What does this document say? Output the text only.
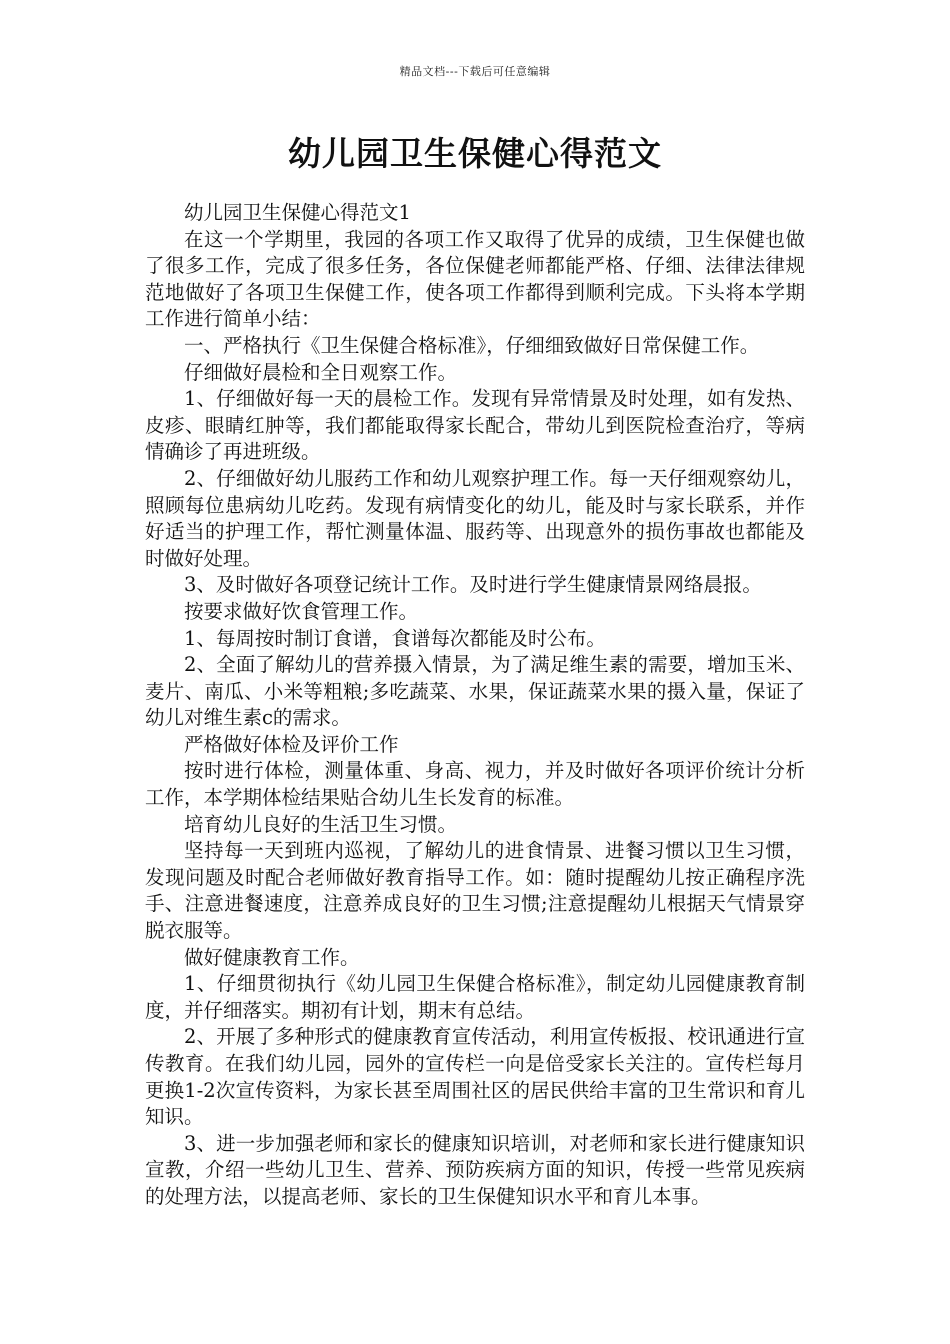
精品文档---下载后可任意编辑
幼儿园卫生保健心得范文

幼儿园卫生保健心得范文1

在这一个学期里，我园的各项工作又取得了优异的成绩，卫生保健也做了很多工作，完成了很多任务，各位保健老师都能严格、仔细、法律法律规范地做好了各项卫生保健工作，使各项工作都得到顺利完成。下头将本学期工作进行简单小结：

一、严格执行《卫生保健合格标准》，仔细细致做好日常保健工作。

仔细做好晨检和全日观察工作。

1、仔细做好每一天的晨检工作。发现有异常情景及时处理，如有发热、皮疹、眼睛红肿等，我们都能取得家长配合，带幼儿到医院检查治疗，等病情确诊了再进班级。

2、仔细做好幼儿服药工作和幼儿观察护理工作。每一天仔细观察幼儿，照顾每位患病幼儿吃药。发现有病情变化的幼儿，能及时与家长联系，并作好适当的护理工作，帮忙测量体温、服药等、出现意外的损伤事故也都能及时做好处理。

3、及时做好各项登记统计工作。及时进行学生健康情景网络晨报。

按要求做好饮食管理工作。

1、每周按时制订食谱，食谱每次都能及时公布。

2、全面了解幼儿的营养摄入情景，为了满足维生素的需要，增加玉米、麦片、南瓜、小米等粗粮;多吃蔬菜、水果，保证蔬菜水果的摄入量，保证了幼儿对维生素c的需求。

严格做好体检及评价工作

按时进行体检，测量体重、身高、视力，并及时做好各项评价统计分析工作，本学期体检结果贴合幼儿生长发育的标准。

培育幼儿良好的生活卫生习惯。

坚持每一天到班内巡视，了解幼儿的进食情景、进餐习惯以卫生习惯，发现问题及时配合老师做好教育指导工作。如：随时提醒幼儿按正确程序洗手、注意进餐速度，注意养成良好的卫生习惯;注意提醒幼儿根据天气情景穿脱衣服等。

做好健康教育工作。

1、仔细贯彻执行《幼儿园卫生保健合格标准》，制定幼儿园健康教育制度，并仔细落实。期初有计划，期末有总结。

2、开展了多种形式的健康教育宣传活动，利用宣传板报、校讯通进行宣传教育。在我们幼儿园，园外的宣传栏一向是倍受家长关注的。宣传栏每月更换1-2次宣传资料，为家长甚至周围社区的居民供给丰富的卫生常识和育儿知识。

3、进一步加强老师和家长的健康知识培训，对老师和家长进行健康知识宣教，介绍一些幼儿卫生、营养、预防疾病方面的知识，传授一些常见疾病的处理方法，以提高老师、家长的卫生保健知识水平和育儿本事。
